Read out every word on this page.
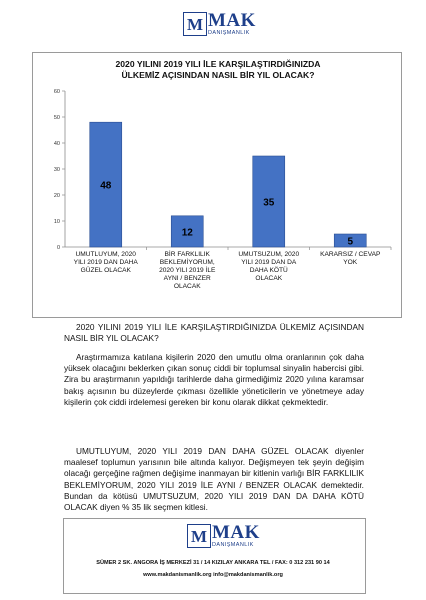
M MAK
DANIŞMANLIK
2020 YILINI 2019 YILI İLE KARŞILAŞTIRDIĞINIZDA
ÜLKEMİZ AÇISINDAN NASIL BİR YIL OLACAK?
0
10
20
30
40
50
60
48
UMUTLUYUM, 2020 YILI 2019 DAN DAHA GÜZEL OLACAK
12
BİR FARKLILIK BEKLEMİYORUM, 2020 YILI 2019 İLE AYNI / BENZER OLACAK
35
UMUTSUZUM, 2020 YILI 2019 DAN DA DAHA KÖTÜ OLACAK
5
KARARSIZ / CEVAP YOK

2020 YILINI 2019 YILI İLE KARŞILAŞTIRDIĞINIZDA ÜLKEMİZ AÇISINDAN NASIL BİR YIL OLACAK?

Araştırmamıza katılana kişilerin 2020 den umutlu olma oranlarının çok daha yüksek olacağını beklerken çıkan sonuç ciddi bir toplumsal sinyalin habercisi gibi. Zira bu araştırmanın yapıldığı tarihlerde daha girmediğimiz 2020 yılına karamsar bakış açısının bu düzeylerde çıkması özellikle yöneticilerin ve yönetmeye aday kişilerin çok ciddi irdelemesi gereken bir konu olarak dikkat çekmektedir.

UMUTLUYUM, 2020 YILI 2019 DAN DAHA GÜZEL OLACAK diyenler maalesef toplumun yarısının bile altında kalıyor. Değişmeyen tek şeyin değişim olacağı gerçeğine rağmen değişime inanmayan bir kitlenin varlığı BİR FARKLILIK BEKLEMİYORUM, 2020 YILI 2019 İLE AYNI / BENZER OLACAK demektedir. Bundan da kötüsü UMUTSUZUM, 2020 YILI 2019 DAN DA DAHA KÖTÜ OLACAK diyen % 35 lik seçmen kitlesi.

M MAK
DANIŞMANLIK
SÜMER 2 SK. ANGORA İŞ MERKEZİ 31 / 14 KIZILAY ANKARA TEL / FAX: 0 312 231 90 14
www.makdanismanlik.org info@makdanismanlik.org
